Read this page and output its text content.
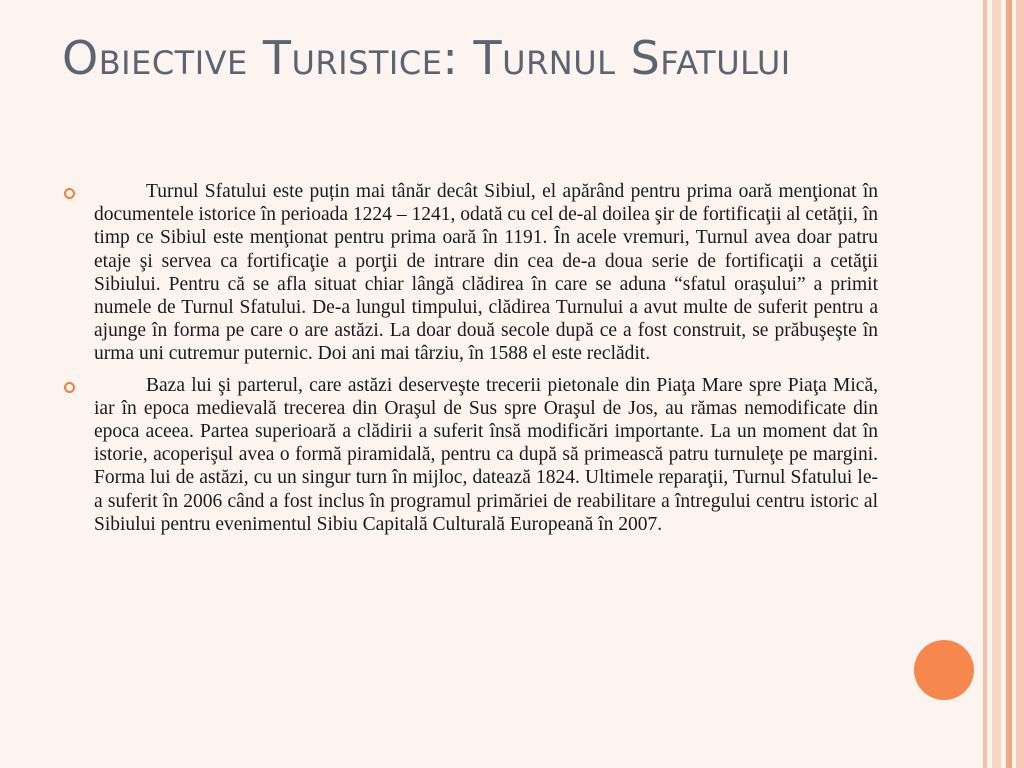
Obiective Turistice: Turnul Sfatului

Turnul Sfatului este puțin mai tânăr decât Sibiul, el apărând pentru prima oară menţionat în documentele istorice în perioada 1224 – 1241, odată cu cel de-al doilea şir de fortificaţii al cetăţii, în timp ce Sibiul este menţionat pentru prima oară în 1191. În acele vremuri, Turnul avea doar patru etaje şi servea ca fortificaţie a porţii de intrare din cea de-a doua serie de fortificaţii a cetăţii Sibiului. Pentru că se afla situat chiar lângă clădirea în care se aduna “sfatul oraşului” a primit numele de Turnul Sfatului. De-a lungul timpului, clădirea Turnului a avut multe de suferit pentru a ajunge în forma pe care o are astăzi. La doar două secole după ce a fost construit, se prăbuşeşte în urma uni cutremur puternic. Doi ani mai târziu, în 1588 el este reclădit.

Baza lui şi parterul, care astăzi deserveşte trecerii pietonale din Piaţa Mare spre Piaţa Mică, iar în epoca medievală trecerea din Oraşul de Sus spre Oraşul de Jos, au rămas nemodificate din epoca aceea. Partea superioară a clădirii a suferit însă modificări importante. La un moment dat în istorie, acoperişul avea o formă piramidală, pentru ca după să primească patru turnuleţe pe margini. Forma lui de astăzi, cu un singur turn în mijloc, datează 1824. Ultimele reparaţii, Turnul Sfatului le-a suferit în 2006 când a fost inclus în programul primăriei de reabilitare a întregului centru istoric al Sibiului pentru evenimentul Sibiu Capitală Culturală Europeană în 2007.
